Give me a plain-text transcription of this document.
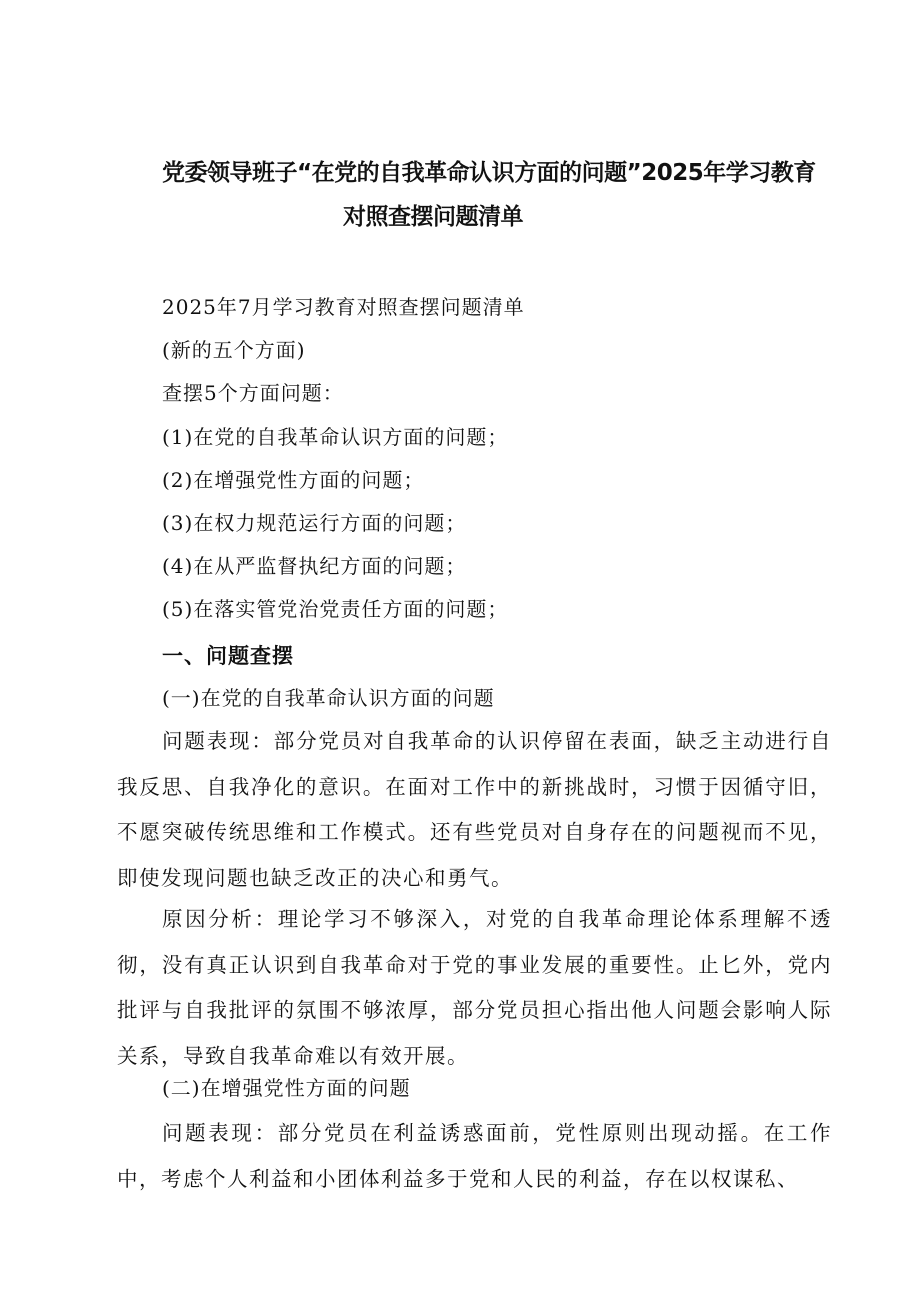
党委领导班子“在党的自我革命认识方面的问题”2025年学习教育
对照查摆问题清单
2025年7月学习教育对照查摆问题清单
(新的五个方面)
查摆5个方面问题：
(1)在党的自我革命认识方面的问题；
(2)在增强党性方面的问题；
(3)在权力规范运行方面的问题；
(4)在从严监督执纪方面的问题；
(5)在落实管党治党责任方面的问题；
一、问题查摆
(一)在党的自我革命认识方面的问题

问题表现：部分党员对自我革命的认识停留在表面，缺乏主动进行自我反思、自我净化的意识。在面对工作中的新挑战时，习惯于因循守旧，不愿突破传统思维和工作模式。还有些党员对自身存在的问题视而不见，即使发现问题也缺乏改正的决心和勇气。

原因分析：理论学习不够深入，对党的自我革命理论体系理解不透彻，没有真正认识到自我革命对于党的事业发展的重要性。止匕外，党内批评与自我批评的氛围不够浓厚，部分党员担心指出他人问题会影响人际关系，导致自我革命难以有效开展。

(二)在增强党性方面的问题

问题表现：部分党员在利益诱惑面前，党性原则出现动摇。在工作中，考虑个人利益和小团体利益多于党和人民的利益，存在以权谋私、
